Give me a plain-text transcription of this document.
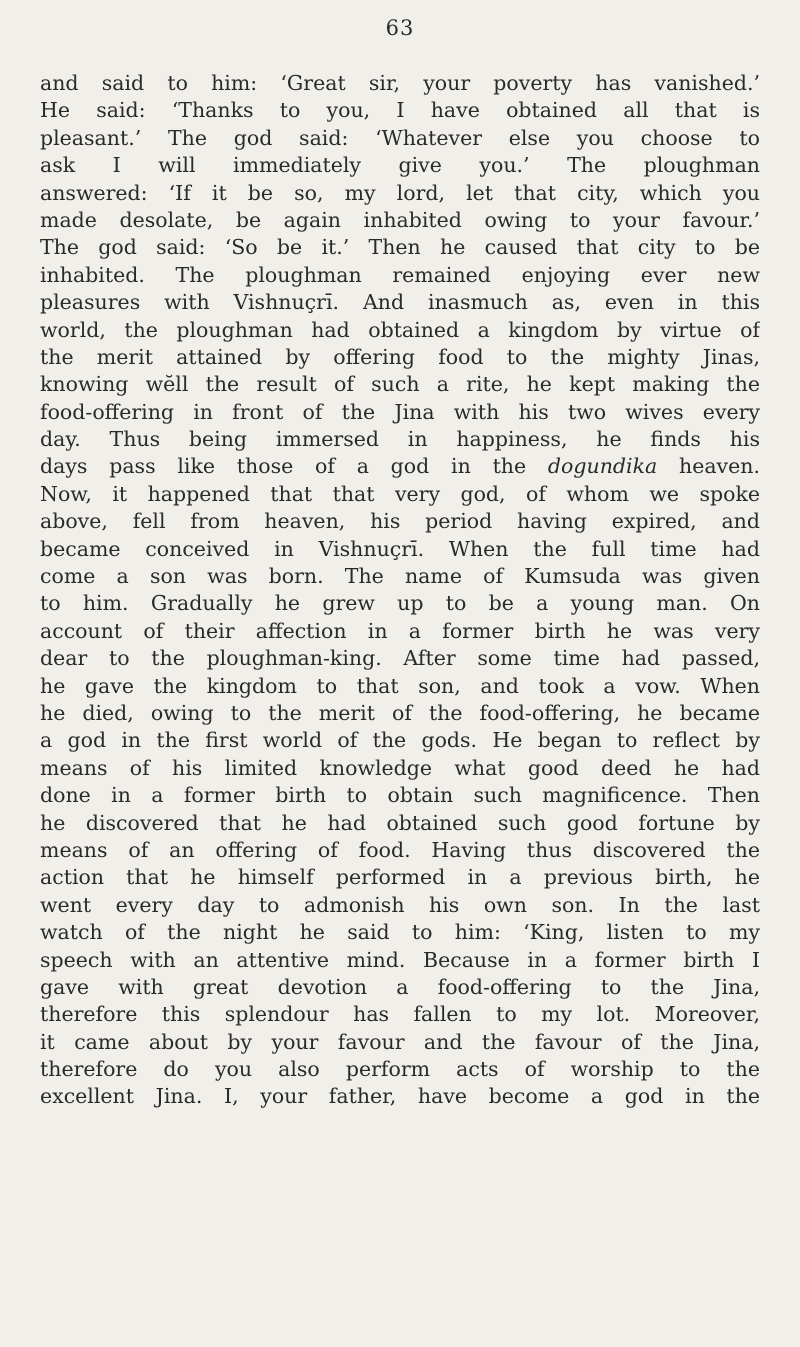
63
and said to him: ‘Great sir, your poverty has vanished.’
He said: ‘Thanks to you, I have obtained all that is
pleasant.’ The god said: ‘Whatever else you choose to
ask I will immediately give you.’ The ploughman
answered: ‘If it be so, my lord, let that city, which you
made desolate, be again inhabited owing to your favour.’
The god said: ‘So be it.’ Then he caused that city to be
inhabited. The ploughman remained enjoying ever new
pleasures with Vishnuçrī. And inasmuch as, even in this
world, the ploughman had obtained a kingdom by virtue of
the merit attained by offering food to the mighty Jinas,
knowing wĕll the result of such a rite, he kept making the
food-offering in front of the Jina with his two wives every
day. Thus being immersed in happiness, he finds his
days pass like those of a god in the dogundika heaven.
Now, it happened that that very god, of whom we spoke
above, fell from heaven, his period having expired, and
became conceived in Vishnuçrī. When the full time had
come a son was born. The name of Kumsuda was given
to him. Gradually he grew up to be a young man. On
account of their affection in a former birth he was very
dear to the ploughman-king. After some time had passed,
he gave the kingdom to that son, and took a vow. When
he died, owing to the merit of the food-offering, he became
a god in the first world of the gods. He began to reflect by
means of his limited knowledge what good deed he had
done in a former birth to obtain such magnificence. Then
he discovered that he had obtained such good fortune by
means of an offering of food. Having thus discovered the
action that he himself performed in a previous birth, he
went every day to admonish his own son. In the last
watch of the night he said to him: ‘King, listen to my
speech with an attentive mind. Because in a former birth I
gave with great devotion a food-offering to the Jina,
therefore this splendour has fallen to my lot. Moreover,
it came about by your favour and the favour of the Jina,
therefore do you also perform acts of worship to the
excellent Jina. I, your father, have become a god in the
